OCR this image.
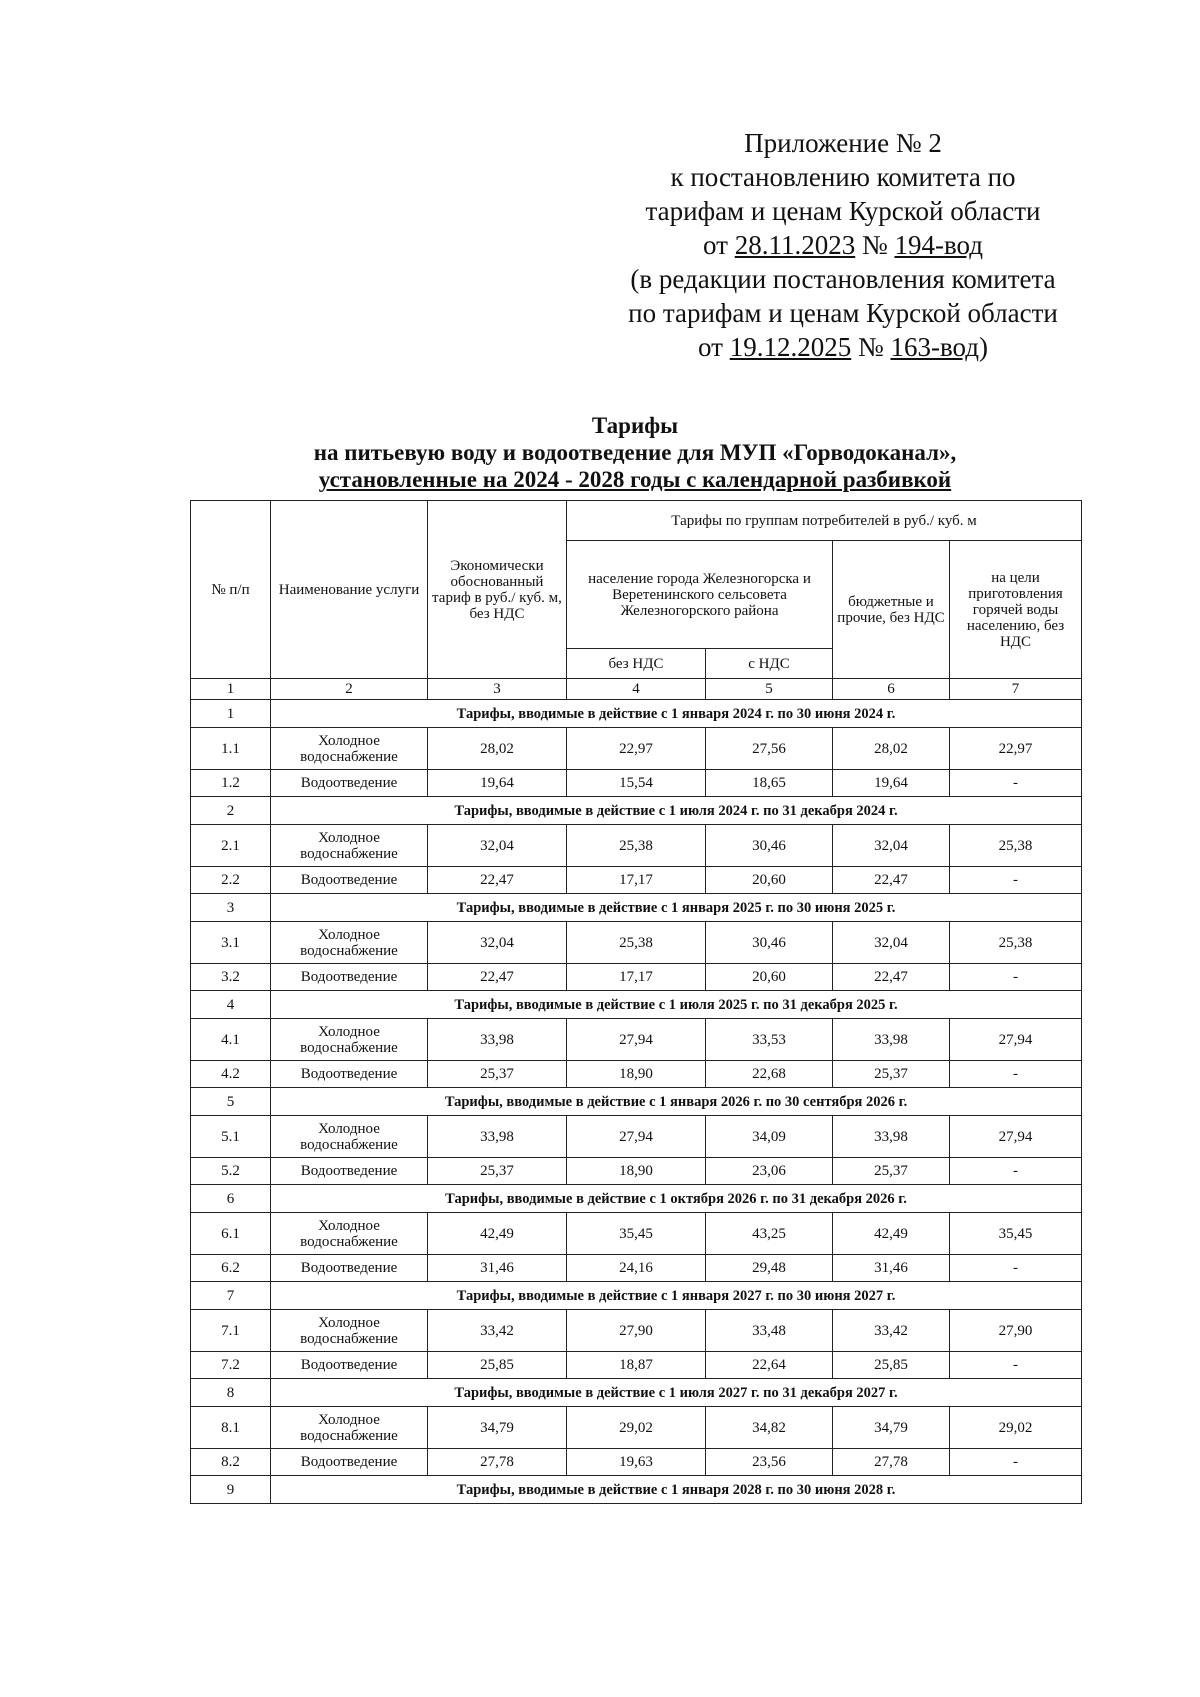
Приложение № 2
к постановлению комитета по
тарифам и ценам Курской области
от 28.11.2023 № 194-вод
(в редакции постановления комитета
по тарифам и ценам Курской области
от 19.12.2025 № 163-вод)
Тарифы
на питьевую воду и водоотведение для МУП «Горводоканал»,
установленные на 2024 - 2028 годы с календарной разбивкой
№ п/п	Наименование услуги	Экономически обоснованный тариф в руб./ куб. м, без НДС	Тарифы по группам потребителей в руб./ куб. м			
			население города Железногорска и Веретенинского сельсовета Железногорского района		бюджетные и прочие, без НДС	на цели приготовления горячей воды населению, без НДС
			без НДС	с НДС		
1	2	3	4	5	6	7
1	Тарифы, вводимые в действие с 1 января 2024 г. по 30 июня 2024 г.					
1.1	Холодное водоснабжение	28,02	22,97	27,56	28,02	22,97
1.2	Водоотведение	19,64	15,54	18,65	19,64	-
2	Тарифы, вводимые в действие с 1 июля 2024 г. по 31 декабря 2024 г.					
2.1	Холодное водоснабжение	32,04	25,38	30,46	32,04	25,38
2.2	Водоотведение	22,47	17,17	20,60	22,47	-
3	Тарифы, вводимые в действие с 1 января 2025 г. по 30 июня 2025 г.					
3.1	Холодное водоснабжение	32,04	25,38	30,46	32,04	25,38
3.2	Водоотведение	22,47	17,17	20,60	22,47	-
4	Тарифы, вводимые в действие с 1 июля 2025 г. по 31 декабря 2025 г.					
4.1	Холодное водоснабжение	33,98	27,94	33,53	33,98	27,94
4.2	Водоотведение	25,37	18,90	22,68	25,37	-
5	Тарифы, вводимые в действие с 1 января 2026 г. по 30 сентября 2026 г.					
5.1	Холодное водоснабжение	33,98	27,94	34,09	33,98	27,94
5.2	Водоотведение	25,37	18,90	23,06	25,37	-
6	Тарифы, вводимые в действие с 1 октября 2026 г. по 31 декабря 2026 г.					
6.1	Холодное водоснабжение	42,49	35,45	43,25	42,49	35,45
6.2	Водоотведение	31,46	24,16	29,48	31,46	-
7	Тарифы, вводимые в действие с 1 января 2027 г. по 30 июня 2027 г.					
7.1	Холодное водоснабжение	33,42	27,90	33,48	33,42	27,90
7.2	Водоотведение	25,85	18,87	22,64	25,85	-
8	Тарифы, вводимые в действие с 1 июля 2027 г. по 31 декабря 2027 г.					
8.1	Холодное водоснабжение	34,79	29,02	34,82	34,79	29,02
8.2	Водоотведение	27,78	19,63	23,56	27,78	-
9	Тарифы, вводимые в действие с 1 января 2028 г. по 30 июня 2028 г.					
